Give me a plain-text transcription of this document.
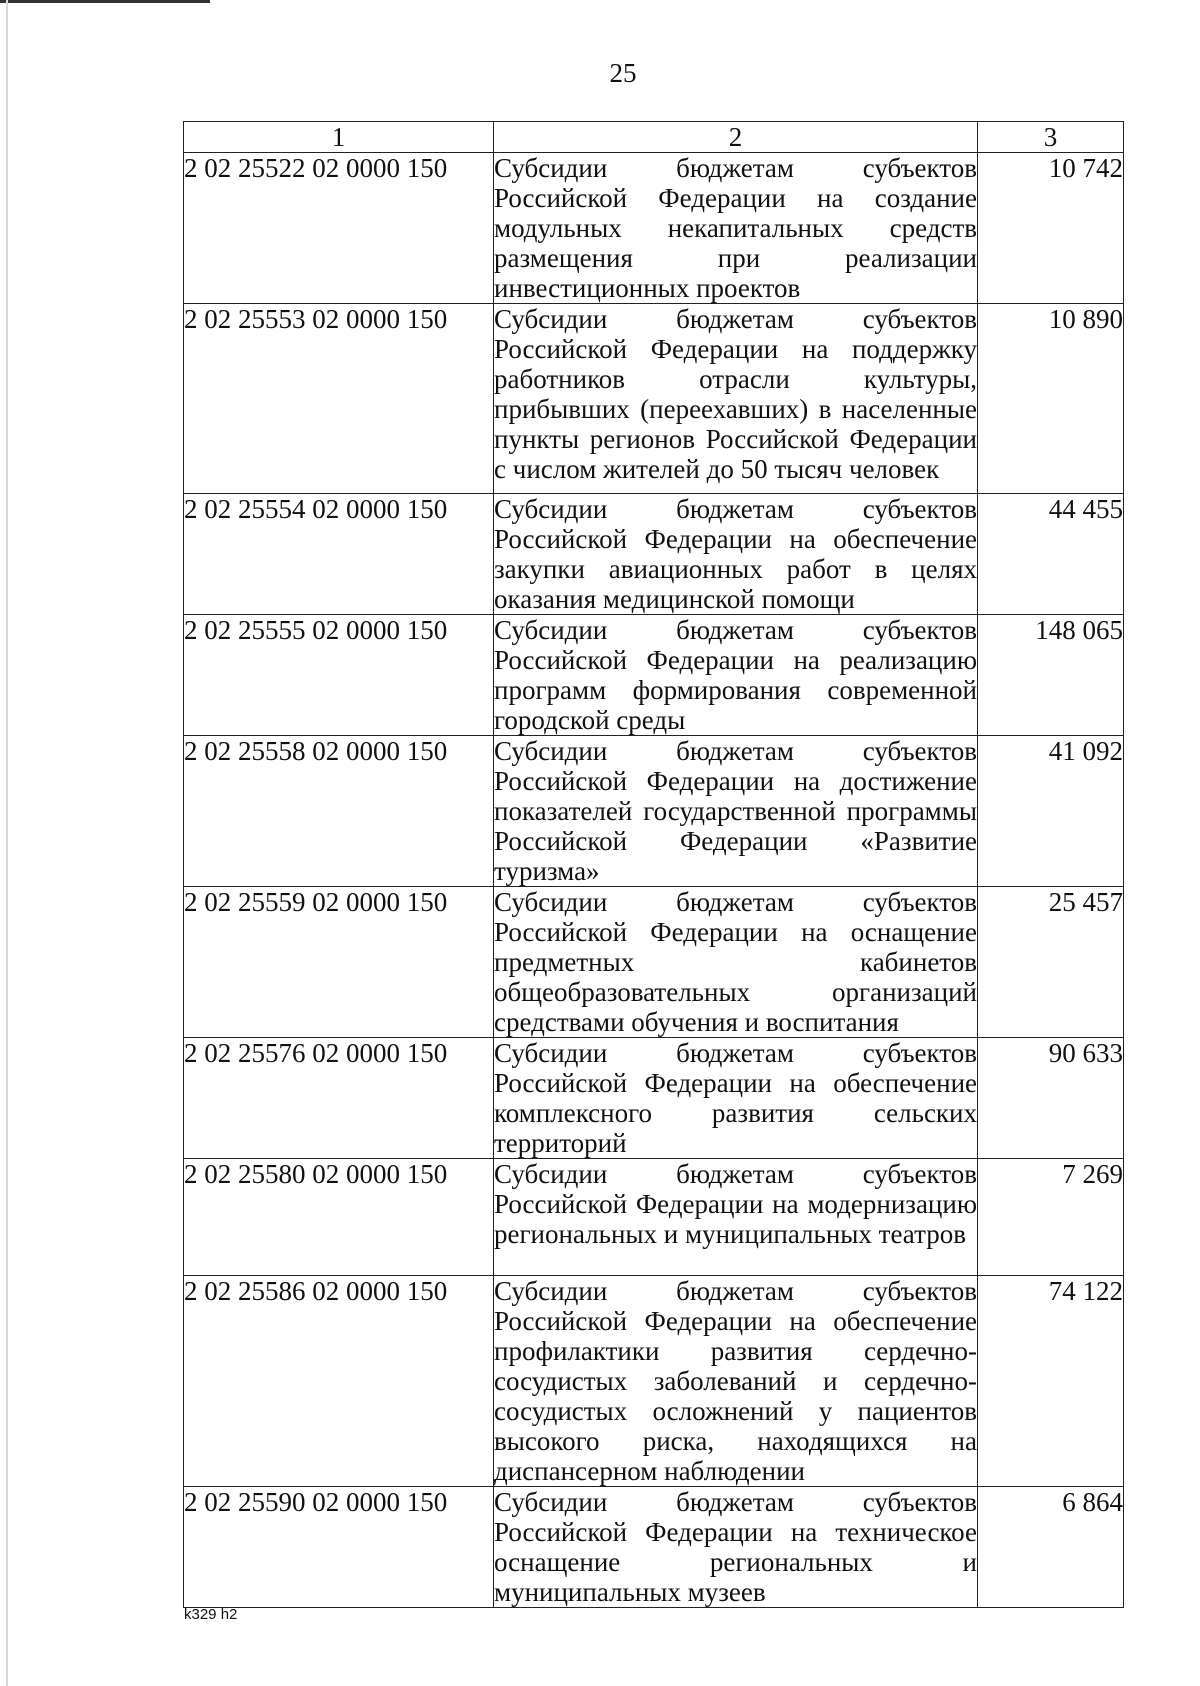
25
1	2	3
2 02 25522 02 0000 150	Субсидии бюджетам субъектов Российской Федерации на создание модульных некапитальных средств размещения при реализации инвестиционных проектов	10 742
2 02 25553 02 0000 150	Субсидии бюджетам субъектов Российской Федерации на поддержку работников отрасли культуры, прибывших (переехавших) в населенные пункты регионов Российской Федерации с числом жителей до 50 тысяч человек	10 890
2 02 25554 02 0000 150	Субсидии бюджетам субъектов Российской Федерации на обеспечение закупки авиационных работ в целях оказания медицинской помощи	44 455
2 02 25555 02 0000 150	Субсидии бюджетам субъектов Российской Федерации на реализацию программ формирования современной городской среды	148 065
2 02 25558 02 0000 150	Субсидии бюджетам субъектов Российской Федерации на достижение показателей государственной программы Российской Федерации «Развитие туризма»	41 092
2 02 25559 02 0000 150	Субсидии бюджетам субъектов Российской Федерации на оснащение предметных кабинетов общеобразовательных организаций средствами обучения и воспитания	25 457
2 02 25576 02 0000 150	Субсидии бюджетам субъектов Российской Федерации на обеспечение комплексного развития сельских территорий	90 633
2 02 25580 02 0000 150	Субсидии бюджетам субъектов Российской Федерации на модернизацию региональных и муниципальных театров	7 269
2 02 25586 02 0000 150	Субсидии бюджетам субъектов Российской Федерации на обеспечение профилактики развития сердечно-сосудистых заболеваний и сердечно-сосудистых осложнений у пациентов высокого риска, находящихся на диспансерном наблюдении	74 122
2 02 25590 02 0000 150	Субсидии бюджетам субъектов Российской Федерации на техническое оснащение региональных и муниципальных музеев	6 864
k329 h2
